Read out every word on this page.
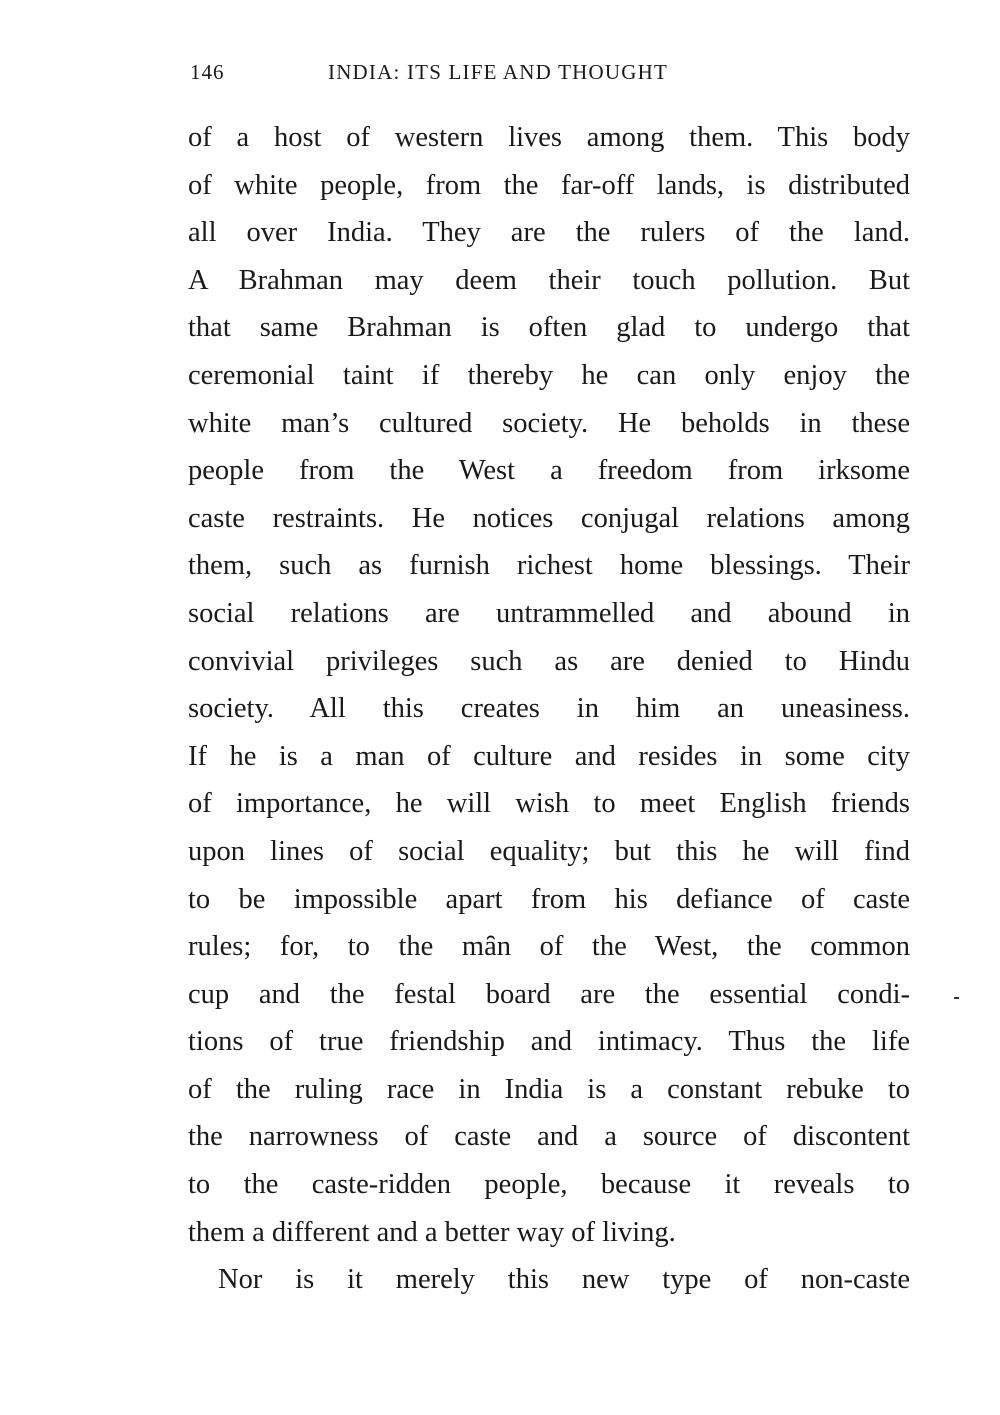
146	INDIA: ITS LIFE AND THOUGHT
of a host of western lives among them. This body
of white people, from the far-off lands, is distributed
all over India. They are the rulers of the land.
A Brahman may deem their touch pollution. But
that same Brahman is often glad to undergo that
ceremonial taint if thereby he can only enjoy the
white man’s cultured society. He beholds in these
people from the West a freedom from irksome
caste restraints. He notices conjugal relations among
them, such as furnish richest home blessings. Their
social relations are untrammelled and abound in
convivial privileges such as are denied to Hindu
society. All this creates in him an uneasiness.
If he is a man of culture and resides in some city
of importance, he will wish to meet English friends
upon lines of social equality; but this he will find
to be impossible apart from his defiance of caste
rules; for, to the mȃn of the West, the common
cup and the festal board are the essential condi-
tions of true friendship and intimacy. Thus the life
of the ruling race in India is a constant rebuke to
the narrowness of caste and a source of discontent
to the caste-ridden people, because it reveals to
them a different and a better way of living.
Nor is it merely this new type of non-caste
